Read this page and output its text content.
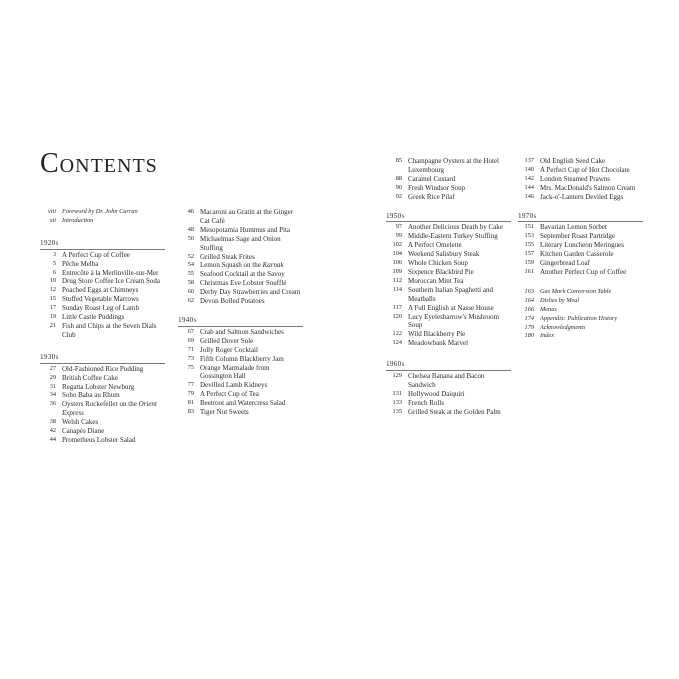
Contents
viii Foreword by Dr. John Curran
xii Introduction
1920s
3 A Perfect Cup of Coffee
5 Pêche Melba
6 Entrecôte à la Merlinville-sur-Mer
10 Drug Store Coffee Ice Cream Soda
12 Poached Eggs at Chimneys
15 Stuffed Vegetable Marrows
17 Sunday Roast Leg of Lamb
19 Little Castle Puddings
21 Fish and Chips at the Seven Dials Club
1930s
27 Old-Fashioned Rice Pudding
29 British Coffee Cake
31 Regatta Lobster Newburg
34 Soho Baba au Rhum
36 Oysters Rockefeller on the Orient Express
38 Welsh Cakes
42 Canapés Diane
44 Prometheus Lobster Salad
46 Macaroni au Gratin at the Ginger Cat Café
48 Mesopotamia Hummus and Pita
50 Michaelmas Sage and Onion Stuffing
52 Grilled Steak Frites
54 Lemon Squash on the Karnak
55 Seafood Cocktail at the Savoy
58 Christmas Eve Lobster Soufflé
60 Derby Day Strawberries and Cream
62 Devon Boiled Potatoes
1940s
67 Crab and Salmon Sandwiches
69 Grilled Dover Sole
71 Jolly Roger Cocktail
73 Fifth Column Blackberry Jam
75 Orange Marmalade from Gossington Hall
77 Devilled Lamb Kidneys
79 A Perfect Cup of Tea
81 Beetroot and Watercress Salad
83 Tiger Nut Sweets
85 Champagne Oysters at the Hotel Luxembourg
88 Caramel Custard
90 Fresh Windsor Soup
92 Greek Rice Pilaf
1950s
97 Another Delicious Death by Cake
99 Middle-Eastern Turkey Stuffing
102 A Perfect Omelette
104 Weekend Salisbury Steak
106 Whole Chicken Soup
109 Sixpence Blackbird Pie
112 Moroccan Mint Tea
114 Southern Italian Spaghetti and Meatballs
117 A Full English at Nasse House
120 Lucy Eyelesbarrow's Mushroom Soup
122 Wild Blackberry Pie
124 Meadowbank Marvel
1960s
129 Chelsea Banana and Bacon Sandwich
131 Hollywood Daiquiri
133 French Rolls
135 Grilled Steak at the Golden Palm
137 Old English Seed Cake
140 A Perfect Cup of Hot Chocolate
142 London Steamed Prawns
144 Mrs. MacDonald's Salmon Cream
146 Jack-o'-Lantern Deviled Eggs
1970s
151 Bavarian Lemon Sorbet
153 September Roast Partridge
155 Literary Luncheon Meringues
157 Kitchen Garden Casserole
159 Gingerbread Loaf
161 Another Perfect Cup of Coffee
163 Gas Mark Conversion Table
164 Dishes by Meal
166 Menus
174 Appendix: Publication History
179 Acknowledgments
180 Index
